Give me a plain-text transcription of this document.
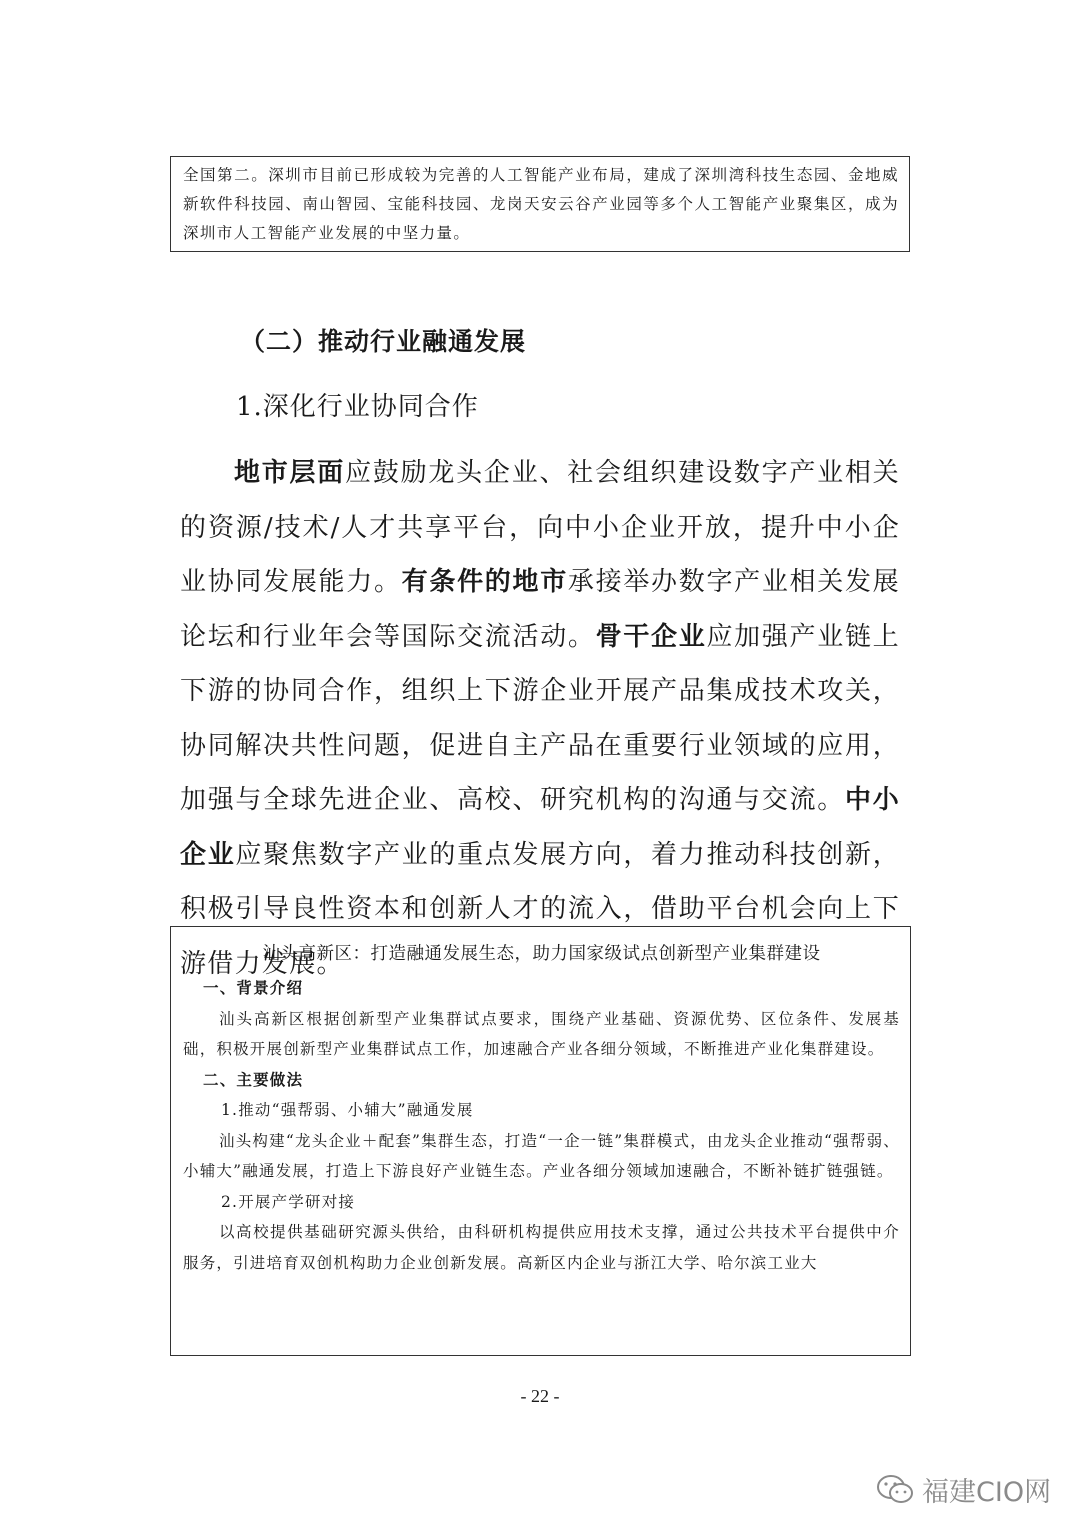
全国第二。深圳市目前已形成较为完善的人工智能产业布局，建成了深圳湾科技生态园、金地威新软件科技园、南山智园、宝能科技园、龙岗天安云谷产业园等多个人工智能产业聚集区，成为深圳市人工智能产业发展的中坚力量。
（二）推动行业融通发展
1.深化行业协同合作

地市层面应鼓励龙头企业、社会组织建设数字产业相关的资源/技术/人才共享平台，向中小企业开放，提升中小企业协同发展能力。有条件的地市承接举办数字产业相关发展论坛和行业年会等国际交流活动。骨干企业应加强产业链上下游的协同合作，组织上下游企业开展产品集成技术攻关，协同解决共性问题，促进自主产品在重要行业领域的应用，加强与全球先进企业、高校、研究机构的沟通与交流。中小企业应聚焦数字产业的重点发展方向，着力推动科技创新，积极引导良性资本和创新人才的流入，借助平台机会向上下游借力发展。

汕头高新区：打造融通发展生态，助力国家级试点创新型产业集群建设
一、背景介绍

汕头高新区根据创新型产业集群试点要求，围绕产业基础、资源优势、区位条件、发展基础，积极开展创新型产业集群试点工作，加速融合产业各细分领域，不断推进产业化集群建设。

二、主要做法
1.推动“强帮弱、小辅大”融通发展

汕头构建“龙头企业＋配套”集群生态，打造“一企一链”集群模式，由龙头企业推动“强帮弱、小辅大”融通发展，打造上下游良好产业链生态。产业各细分领域加速融合，不断补链扩链强链。

2.开展产学研对接

以高校提供基础研究源头供给，由科研机构提供应用技术支撑，通过公共技术平台提供中介服务，引进培育双创机构助力企业创新发展。高新区内企业与浙江大学、哈尔滨工业大

- 22 -
福建CIO网
